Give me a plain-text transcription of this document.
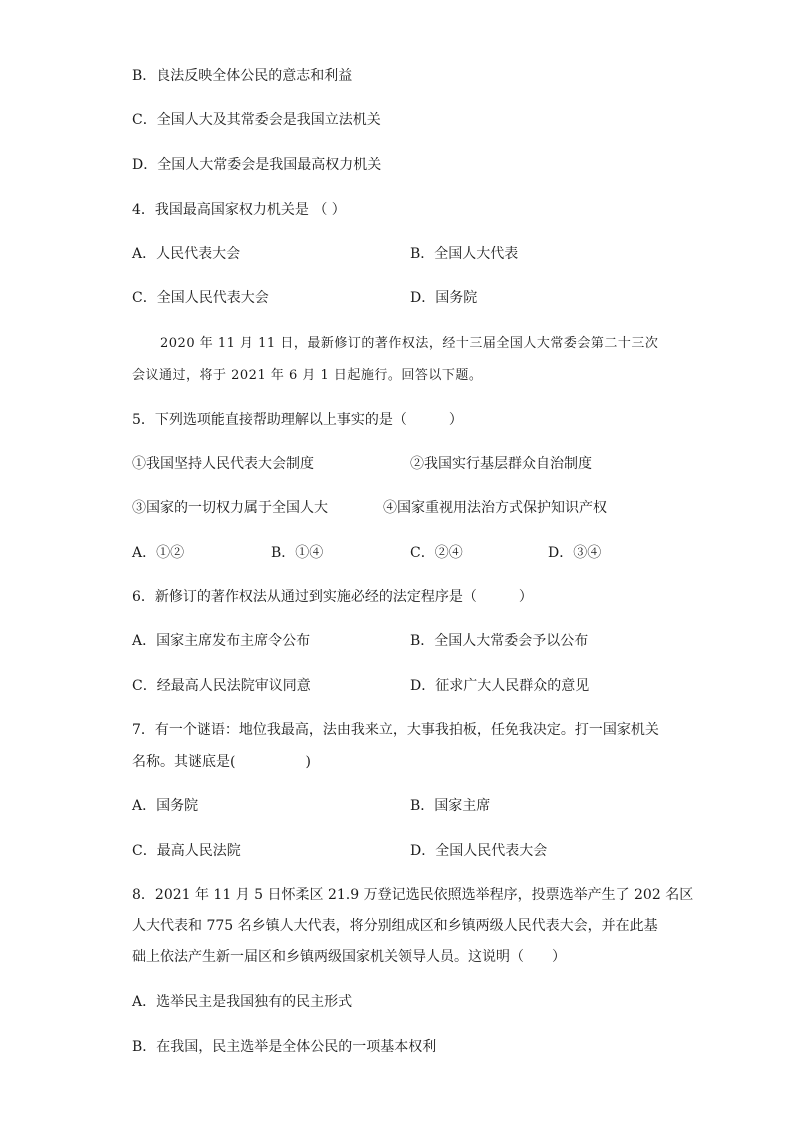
B．良法反映全体公民的意志和利益
C．全国人大及其常委会是我国立法机关
D．全国人大常委会是我国最高权力机关
4．我国最高国家权力机关是 （ ）
A．人民代表大会	B．全国人大代表
C．全国人民代表大会	D．国务院
2020 年 11 月 11 日，最新修订的著作权法，经十三届全国人大常委会第二十三次
会议通过，将于 2021 年 6 月 1 日起施行。回答以下题。
5．下列选项能直接帮助理解以上事实的是（　　　）
①我国坚持人民代表大会制度	②我国实行基层群众自治制度
③国家的一切权力属于全国人大	④国家重视用法治方式保护知识产权
A．①②	B．①④	C．②④	D．③④
6．新修订的著作权法从通过到实施必经的法定程序是（　　　）
A．国家主席发布主席令公布	B．全国人大常委会予以公布
C．经最高人民法院审议同意	D．征求广大人民群众的意见
7．有一个谜语：地位我最高，法由我来立，大事我拍板，任免我决定。打一国家机关
名称。其谜底是(　　　　　)
A．国务院	B．国家主席
C．最高人民法院	D．全国人民代表大会
8．2021 年 11 月 5 日怀柔区 21.9 万登记选民依照选举程序，投票选举产生了 202 名区
人大代表和 775 名乡镇人大代表，将分别组成区和乡镇两级人民代表大会，并在此基
础上依法产生新一届区和乡镇两级国家机关领导人员。这说明（　　）
A．选举民主是我国独有的民主形式
B．在我国，民主选举是全体公民的一项基本权利
